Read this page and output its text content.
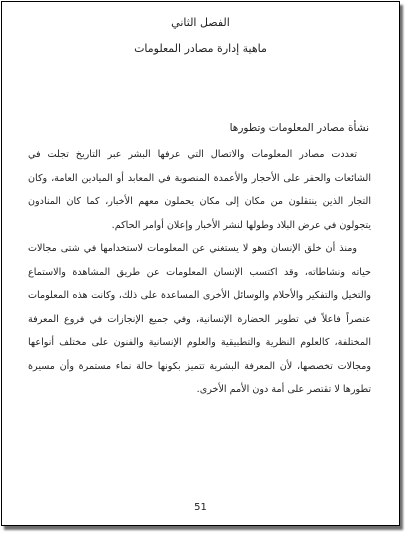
الفصل الثاني
ماهية إدارة مصادر المعلومات
نشأة مصادر المعلومات وتطورها

تعددت مصادر المعلومات والاتصال التي عرفها البشر عبر التاريخ تجلت في الشائعات والحفر على الأحجار والأعمدة المنصوبة في المعابد أو الميادين العامة، وكان التجار الذين ينتقلون من مكان إلى مكان يحملون معهم الأخبار، كما كان المنادون يتجولون في عرض البلاد وطولها لنشر الأخبار وإعلان أوامر الحاكم.

ومنذ أن خلق الإنسان وهو لا يستغني عن المعلومات لاستخدامها في شتى مجالات حياته ونشاطاته، وقد اكتسب الإنسان المعلومات عن طريق المشاهدة والاستماع والتخيل والتفكير والأحلام والوسائل الأخرى المساعدة على ذلك، وكانت هذه المعلومات عنصراً فاعلاً في تطوير الحضارة الإنسانية، وفي جميع الإنجازات في فروع المعرفة المختلفة، كالعلوم النظرية والتطبيقية والعلوم الإنسانية والفنون على مختلف أنواعها ومجالات تخصصها، لأن المعرفة البشرية تتميز بكونها حالة نماء مستمرة وأن مسيرة تطورها لا تقتصر على أمة دون الأمم الأخرى.

51
